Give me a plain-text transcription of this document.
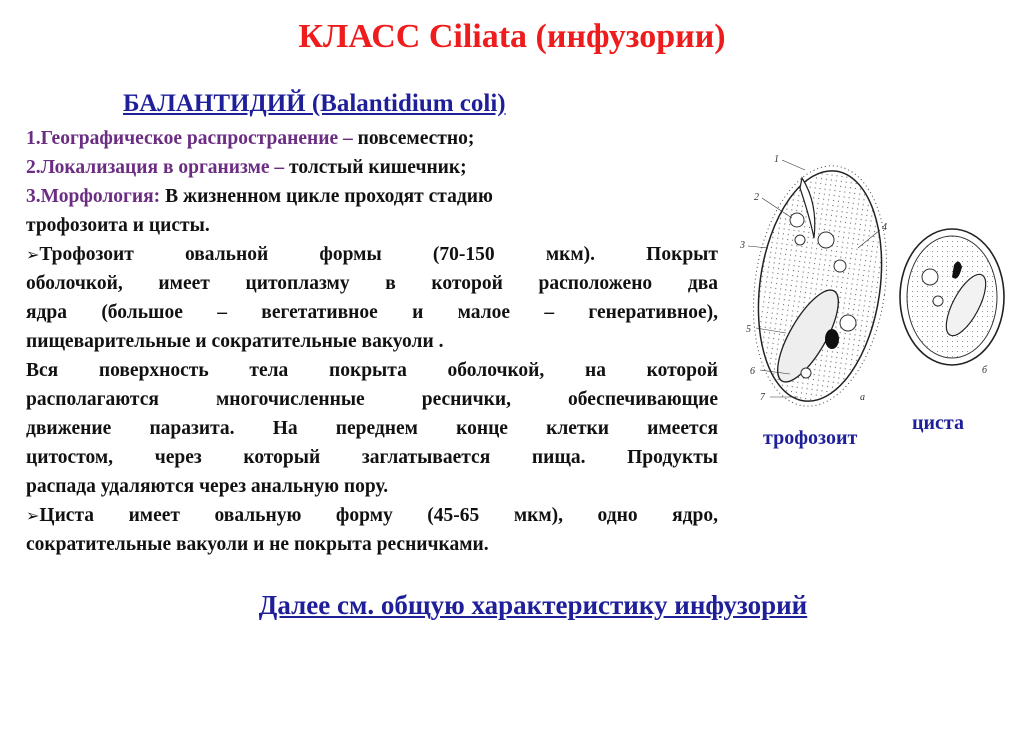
КЛАСС Ciliata (инфузории)
БАЛАНТИДИЙ (Balantidium coli)

1.Географическое распространение – повсеместно;

2.Локализация в организме – толстый кишечник;

3.Морфология: В жизненном цикле проходят стадию

трофозоита и цисты.

➢Трофозоит овальной формы (70-150 мкм). Покрыт

оболочкой, имеет цитоплазму в которой расположено два

ядра (большое – вегетативное и малое – генеративное),

пищеварительные и сократительные вакуоли .

Вся поверхность тела покрыта оболочкой, на которой

располагаются многочисленные реснички, обеспечивающие

движение паразита. На переднем конце клетки имеется

цитостом, через который заглатывается пища. Продукты

распада удаляются через анальную пору.

➢Циста имеет овальную форму (45-65 мкм), одно ядро,

сократительные вакуоли и не покрыта ресничками.

1
2
3
4
5
6
7	а
б
трофозоит
циста
Далее см. общую характеристику инфузорий
